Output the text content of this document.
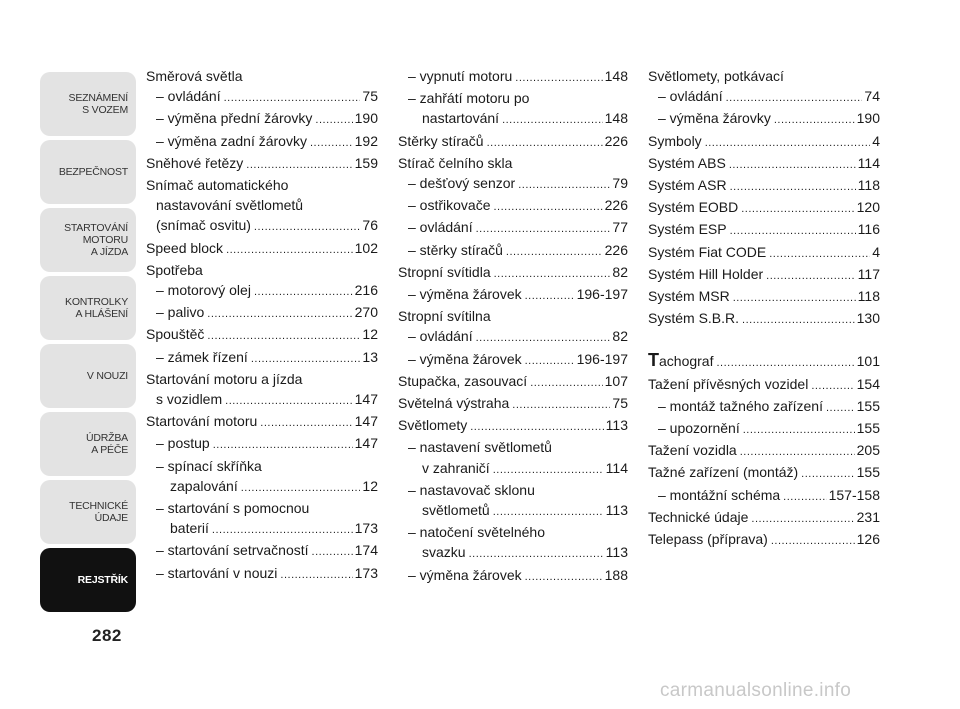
SEZNÁMENÍ
S VOZEM
BEZPEČNOST
STARTOVÁNÍ
MOTORU
A JÍZDA
KONTROLKY
A HLÁŠENÍ
V NOUZI
ÚDRŽBA
A PÉČE
TECHNICKÉ
ÚDAJE
REJSTŘÍK
282
Směrová světla
– ovládání .....	75
– výměna přední žárovky .....	190
– výměna zadní žárovky .....	192
Sněhové řetězy .....	159
Snímač automatického
nastavování světlometů
(snímač osvitu) .....	76
Speed block .....	102
Spotřeba
– motorový olej .....	216
– palivo .....	270
Spouštěč .....	12
– zámek řízení .....	13
Startování motoru a jízda
s vozidlem .....	147
Startování motoru .....	147
– postup .....	147
– spínací skříňka
zapalování .....	12
– startování s pomocnou
baterií .....	173
– startování setrvačností .....	174
– startování v nouzi .....	173
– vypnutí motoru .....	148
– zahřátí motoru po
nastartování .....	148
Stěrky stíračů .....	226
Stírač čelního skla
– dešťový senzor .....	79
– ostřikovače .....	226
– ovládání .....	77
– stěrky stíračů .....	226
Stropní svítidla .....	82
– výměna žárovek .....	196-197
Stropní svítilna
– ovládání .....	82
– výměna žárovek .....	196-197
Stupačka, zasouvací .....	107
Světelná výstraha .....	75
Světlomety .....	113
– nastavení světlometů
v zahraničí .....	114
– nastavovač sklonu
světlometů .....	113
– natočení světelného
svazku .....	113
– výměna žárovek .....	188
Světlomety, potkávací
– ovládání .....	74
– výměna žárovky .....	190
Symboly .....	4
Systém ABS .....	114
Systém ASR .....	118
Systém EOBD .....	120
Systém ESP .....	116
Systém Fiat CODE .....	4
Systém Hill Holder .....	117
Systém MSR .....	118
Systém S.B.R. .....	130
Tachograf .....	101
Tažení přívěsných vozidel .....	154
– montáž tažného zařízení ..... 155
– upozornění .....	155
Tažení vozidla .....	205
Tažné zařízení (montáž) .....	155
– montážní schéma .....	157-158
Technické údaje .....	231
Telepass (příprava) .....	126
carmanualsonline.info
